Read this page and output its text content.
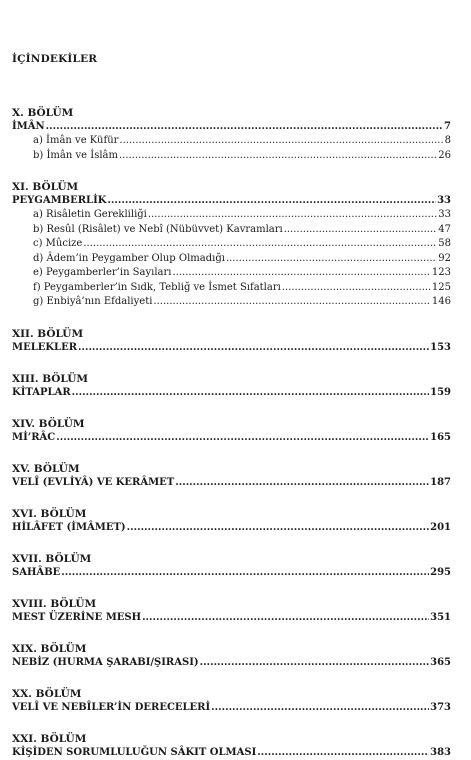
İÇİNDEKİLER
X. BÖLÜM
İMÂN .....	7
a) İmân ve Küfür .....	8
b) İmân ve İslâm .....	26
XI. BÖLÜM
PEYGAMBERLİK .....	33
a) Risâletin Gerekliliği .....	33
b) Resûl (Risâlet) ve Nebî (Nübüvvet) Kavramları .....	47
c) Mûcize .....	58
d) Âdem’in Peygamber Olup Olmadığı .....	92
e) Peygamberler’in Sayıları .....	123
f) Peygamberler’in Sıdk, Tebliğ ve İsmet Sıfatları .....	125
g) Enbiyâ’nın Efdaliyeti .....	146
XII. BÖLÜM
MELEKLER .....	153
XIII. BÖLÜM
KİTAPLAR .....	159
XIV. BÖLÜM
Mİ’RÂC .....	165
XV. BÖLÜM
VELÎ (EVLİYÂ) VE KERÂMET .....	187
XVI. BÖLÜM
HİLÂFET (İMÂMET) .....	201
XVII. BÖLÜM
SAHÂBE .....	295
XVIII. BÖLÜM
MEST ÜZERİNE MESH .....	351
XIX. BÖLÜM
NEBİZ (HURMA ŞARABI/ŞIRASI) .....	365
XX. BÖLÜM
VELÎ VE NEBÎLER’İN DERECELERİ .....	373
XXI. BÖLÜM
KİŞİDEN SORUMLULUĞUN SÂKIT OLMASI .....	383
